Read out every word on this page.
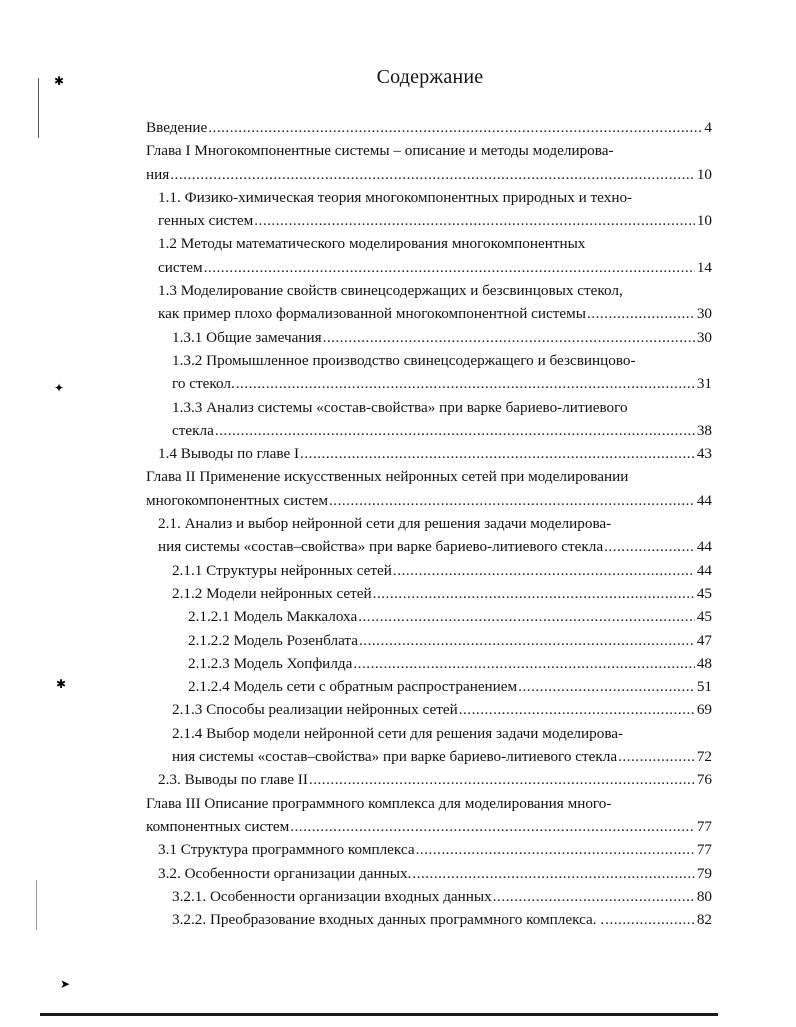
✱
✦
✱
➤
Содержание
Введение .....	4
Глава I Многокомпонентные системы – описание и методы моделирова-
ния .....	10
1.1. Физико-химическая теория многокомпонентных природных и техно-
генных систем .....	10
1.2 Методы математического моделирования многокомпонентных
систем .....	14
1.3 Моделирование свойств свинецсодержащих и безсвинцовых стекол,
как пример плохо формализованной многокомпонентной системы .....	30
1.3.1 Общие замечания .....	30
1.3.2 Промышленное производство свинецсодержащего и безсвинцово-
го стекол. .....	31
1.3.3 Анализ системы «состав-свойства» при варке бариево-литиевого
стекла .....	38
1.4 Выводы по главе I .....	43
Глава II Применение искусственных нейронных сетей при моделировании
многокомпонентных систем .....	44
2.1. Анализ и выбор нейронной сети для решения задачи моделирова-
ния системы «состав–свойства» при варке бариево-литиевого стекла .....	44
2.1.1 Структуры нейронных сетей .....	44
2.1.2 Модели нейронных сетей .....	45
2.1.2.1 Модель Маккалоха .....	45
2.1.2.2 Модель Розенблата .....	47
2.1.2.3 Модель Хопфилда .....	48
2.1.2.4 Модель сети с обратным распространением .....	51
2.1.3 Способы реализации нейронных сетей .....	69
2.1.4 Выбор модели нейронной сети для решения задачи моделирова-
ния системы «состав–свойства» при варке бариево-литиевого стекла .....	72
2.3. Выводы по главе II .....	76
Глава III Описание программного комплекса для моделирования много-
компонентных систем .....	77
3.1 Структура программного комплекса .....	77
3.2. Особенности организации данных. .....	79
3.2.1. Особенности организации входных данных .....	80
3.2.2. Преобразование входных данных программного комплекса. . .....	82
